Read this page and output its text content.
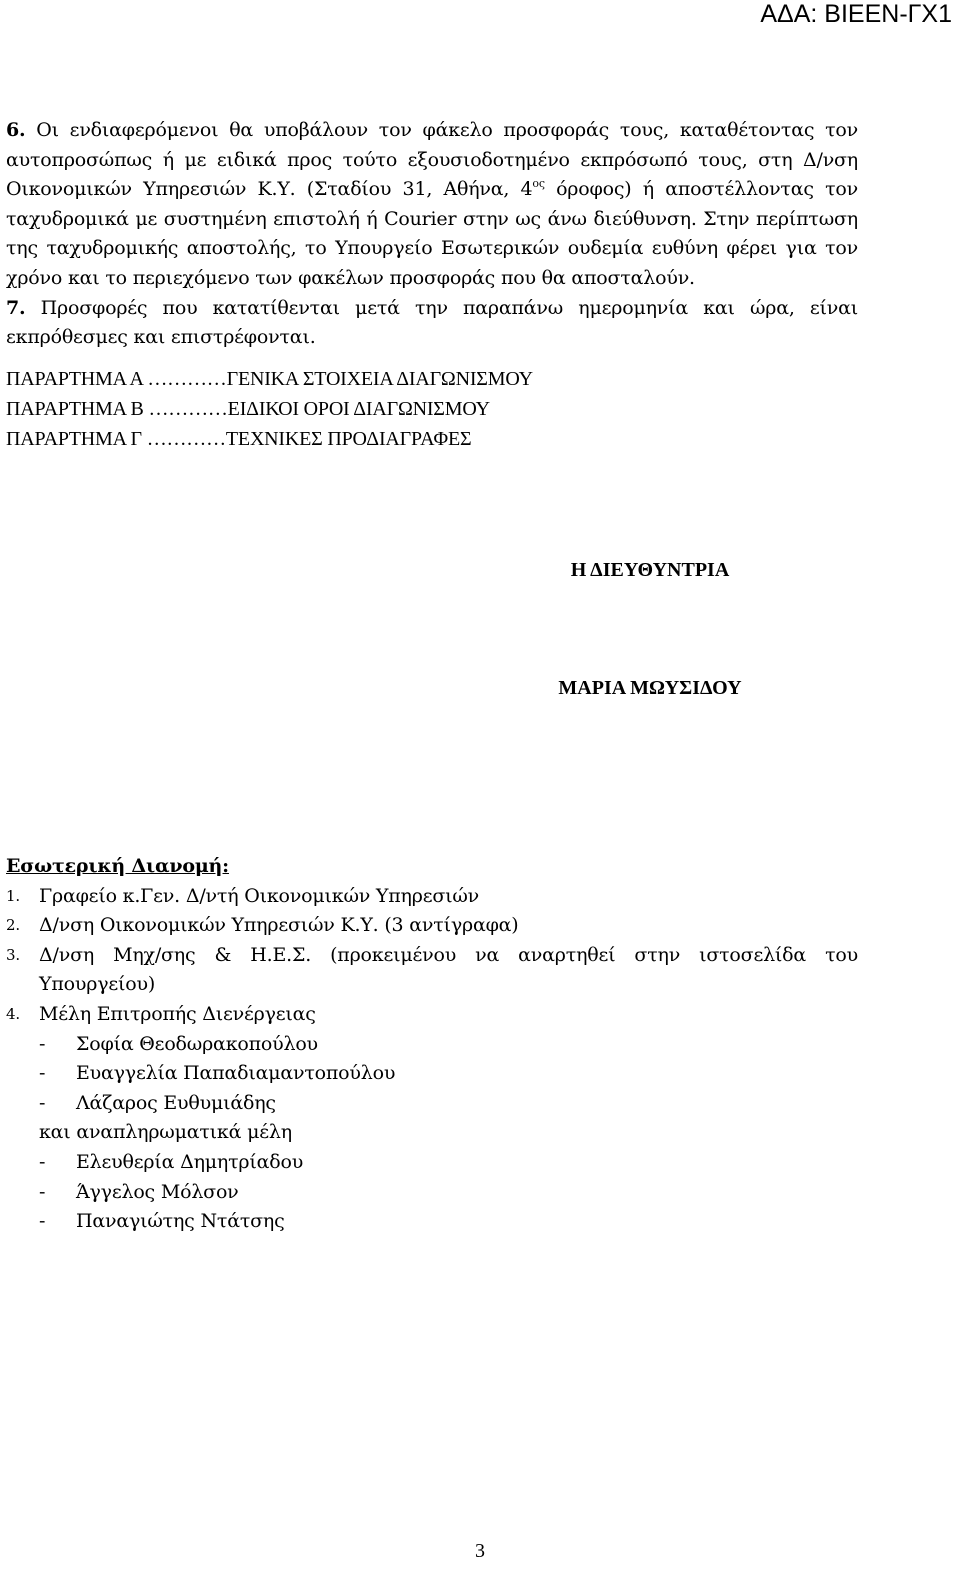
ΑΔΑ: ΒΙΕΕΝ-ΓΧ1

6. Οι ενδιαφερόμενοι θα υποβάλουν τον φάκελο προσφοράς τους, καταθέτοντας τον αυτοπροσώπως ή με ειδικά προς τούτο εξουσιοδοτημένο εκπρόσωπό τους, στη Δ/νση Οικονομικών Υπηρεσιών Κ.Υ. (Σταδίου 31, Αθήνα, $4^{o\varsigma}$ όροφος) ή αποστέλλοντας τον ταχυδρομικά με συστημένη επιστολή ή Courier στην ως άνω διεύθυνση. Στην περίπτωση της ταχυδρομικής αποστολής, το Υπουργείο Εσωτερικών ουδεμία ευθύνη φέρει για τον χρόνο και το περιεχόμενο των φακέλων προσφοράς που θα αποσταλούν.

7. Προσφορές που κατατίθενται μετά την παραπάνω ημερομηνία και ώρα, είναι εκπρόθεσμες και επιστρέφονται.

ΠΑΡΑΡΤΗΜΑ Α …………ΓΕΝΙΚΑ ΣΤΟΙΧΕΙΑ ΔΙΑΓΩΝΙΣΜΟΥ
ΠΑΡΑΡΤΗΜΑ Β …………ΕΙΔΙΚΟΙ ΟΡΟΙ ΔΙΑΓΩΝΙΣΜΟΥ
ΠΑΡΑΡΤΗΜΑ Γ …………ΤΕΧΝΙΚΕΣ ΠΡΟΔΙΑΓΡΑΦΕΣ
Η ΔΙΕΥΘΥΝΤΡΙΑ
ΜΑΡΙΑ ΜΩΥΣΙΔΟΥ
Εσωτερική Διανομή:
1.	Γραφείο κ.Γεν. Δ/ντή Οικονομικών Υπηρεσιών
2.	Δ/νση Οικονομικών Υπηρεσιών Κ.Υ. (3 αντίγραφα)
3.	Δ/νση Μηχ/σης & Η.Ε.Σ. (προκειμένου να αναρτηθεί στην ιστοσελίδα του Υπουργείου)
4.	Μέλη Επιτροπής Διενέργειας
-	Σοφία Θεοδωρακοπούλου
-	Ευαγγελία Παπαδιαμαντοπούλου
-	Λάζαρος Ευθυμιάδης
και αναπληρωματικά μέλη
-	Ελευθερία Δημητρίαδου
-	Άγγελος Μόλσον
-	Παναγιώτης Ντάτσης
3
